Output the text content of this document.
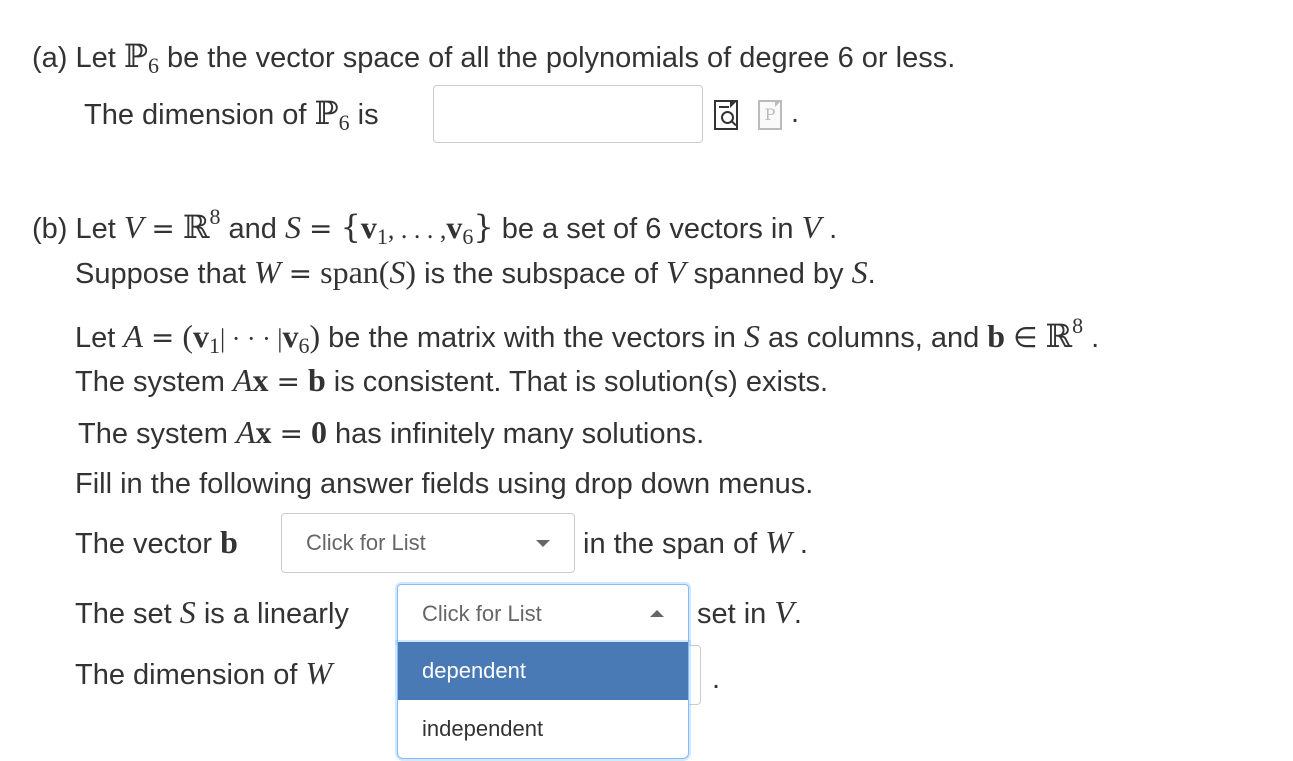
(a) Let ℙ$_6$ be the vector space of all the polynomials of degree 6 or less.
The dimension of ℙ$_6$ is	P .
(b) Let V = ℝ$^8$ and $S = \{v_1$, . . . $,v_6$} be a set of 6 vectors in V .
Suppose that W = span(S) is the subspace of V spanned by S.
Let $A = (v_1|$ · · · $|v_6$) be the matrix with the vectors in S as columns, and b ∈ ℝ$^8$ .
The system Ax = b is consistent. That is solution(s) exists.
The system Ax = 0 has infinitely many solutions.
Fill in the following answer fields using drop down menus.
The vector b	Click for List	in the span of W .
The set S is a linearly	Click for List	set in V.
The dimension of W	.
dependent
independent
